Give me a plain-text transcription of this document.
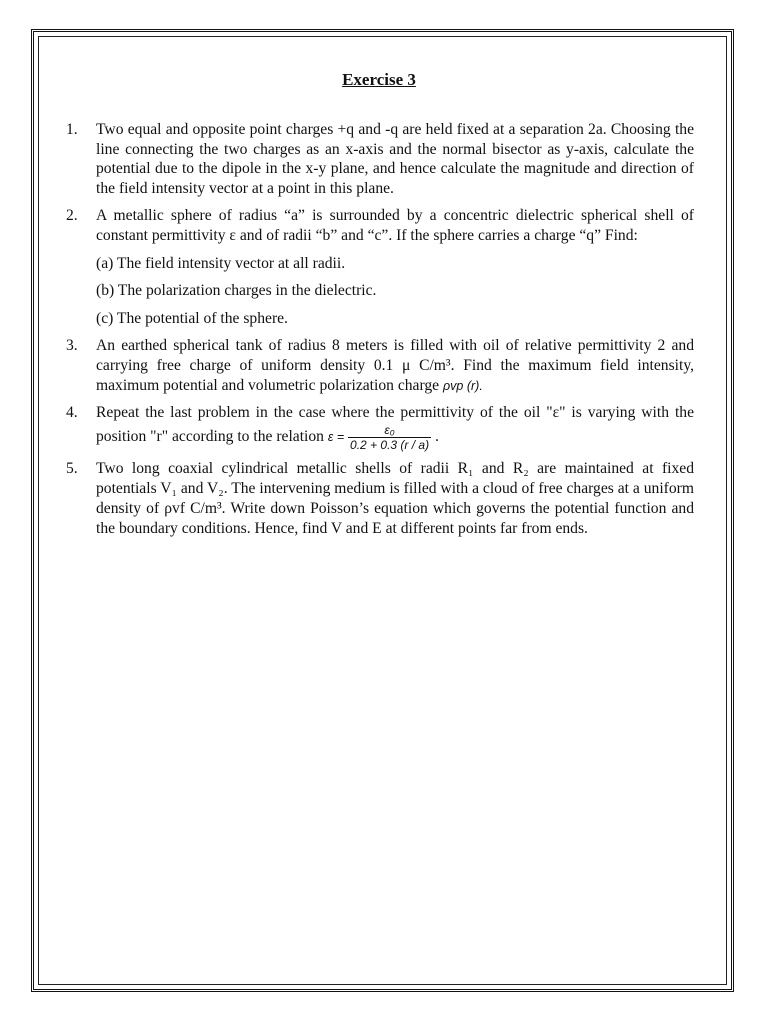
Exercise 3
1. Two equal and opposite point charges +q and -q are held fixed at a separation 2a. Choosing the line connecting the two charges as an x-axis and the normal bisector as y-axis, calculate the potential due to the dipole in the x-y plane, and hence calculate the magnitude and direction of the field intensity vector at a point in this plane.
2. A metallic sphere of radius “a” is surrounded by a concentric dielectric spherical shell of constant permittivity ε and of radii “b” and “c”. If the sphere carries a charge “q” Find:
(a) The field intensity vector at all radii.
(b) The polarization charges in the dielectric.
(c) The potential of the sphere.
3. An earthed spherical tank of radius 8 meters is filled with oil of relative permittivity 2 and carrying free charge of uniform density 0.1 μ C/m³. Find the maximum field intensity, maximum potential and volumetric polarization charge ρvp (r).
4. Repeat the last problem in the case where the permittivity of the oil "ε" is varying with the position "r" according to the relation $\varepsilon = \frac{\text{ε₀}}{0.2 + 0.3 (r / a)}$ .
5. Two long coaxial cylindrical metallic shells of radii R₁ and R₂ are maintained at fixed potentials V₁ and V₂. The intervening medium is filled with a cloud of free charges at a uniform density of ρvf C/m³. Write down Poisson’s equation which governs the potential function and the boundary conditions. Hence, find V and E at different points far from ends.
